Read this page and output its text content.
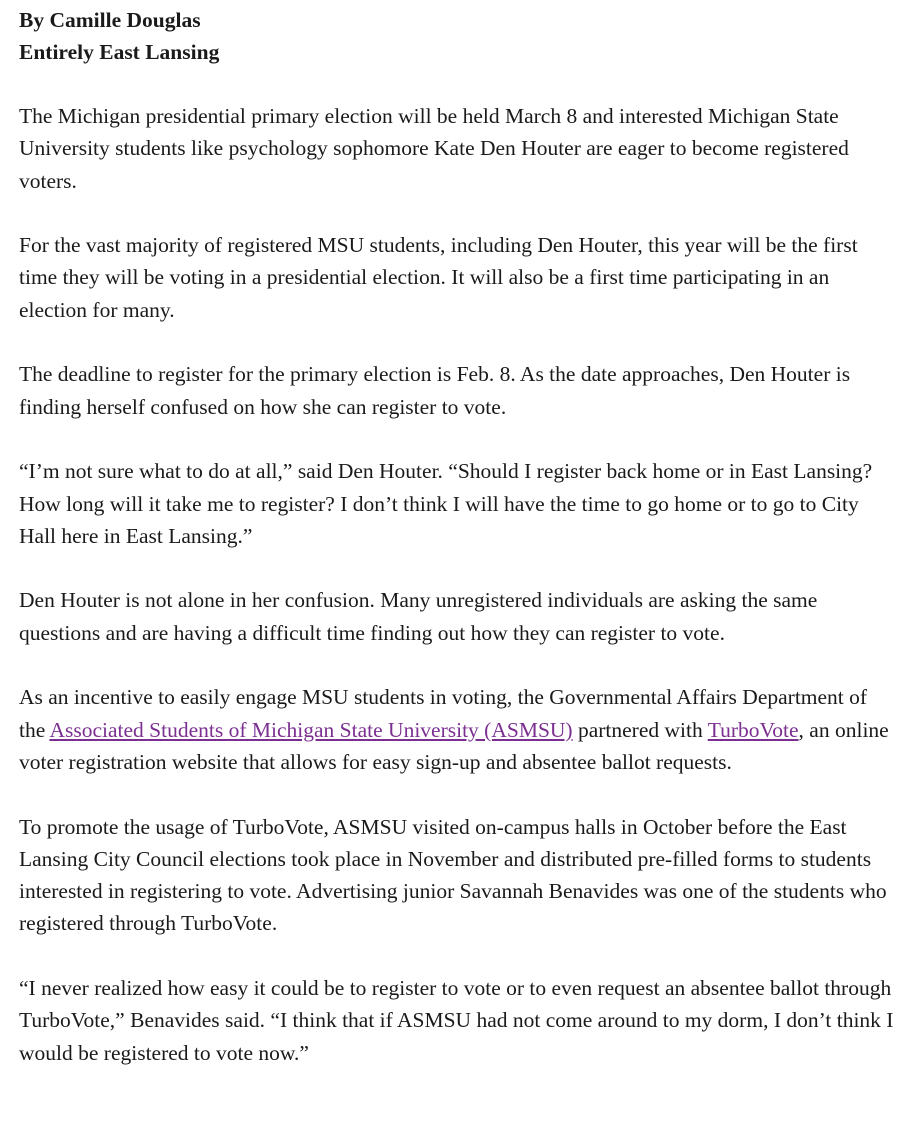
By Camille Douglas

Entirely East Lansing

The Michigan presidential primary election will be held March 8 and interested Michigan State University students like psychology sophomore Kate Den Houter are eager to become registered voters.

For the vast majority of registered MSU students, including Den Houter, this year will be the first time they will be voting in a presidential election. It will also be a first time participating in an election for many.

The deadline to register for the primary election is Feb. 8. As the date approaches, Den Houter is finding herself confused on how she can register to vote.

“I’m not sure what to do at all,” said Den Houter. “Should I register back home or in East Lansing? How long will it take me to register? I don’t think I will have the time to go home or to go to City Hall here in East Lansing.”

Den Houter is not alone in her confusion. Many unregistered individuals are asking the same questions and are having a difficult time finding out how they can register to vote.

As an incentive to easily engage MSU students in voting, the Governmental Affairs Department of the Associated Students of Michigan State University (ASMSU) partnered with TurboVote, an online voter registration website that allows for easy sign-up and absentee ballot requests.

To promote the usage of TurboVote, ASMSU visited on-campus halls in October before the East Lansing City Council elections took place in November and distributed pre-filled forms to students interested in registering to vote. Advertising junior Savannah Benavides was one of the students who registered through TurboVote.

“I never realized how easy it could be to register to vote or to even request an absentee ballot through TurboVote,” Benavides said. “I think that if ASMSU had not come around to my dorm, I don’t think I would be registered to vote now.”
